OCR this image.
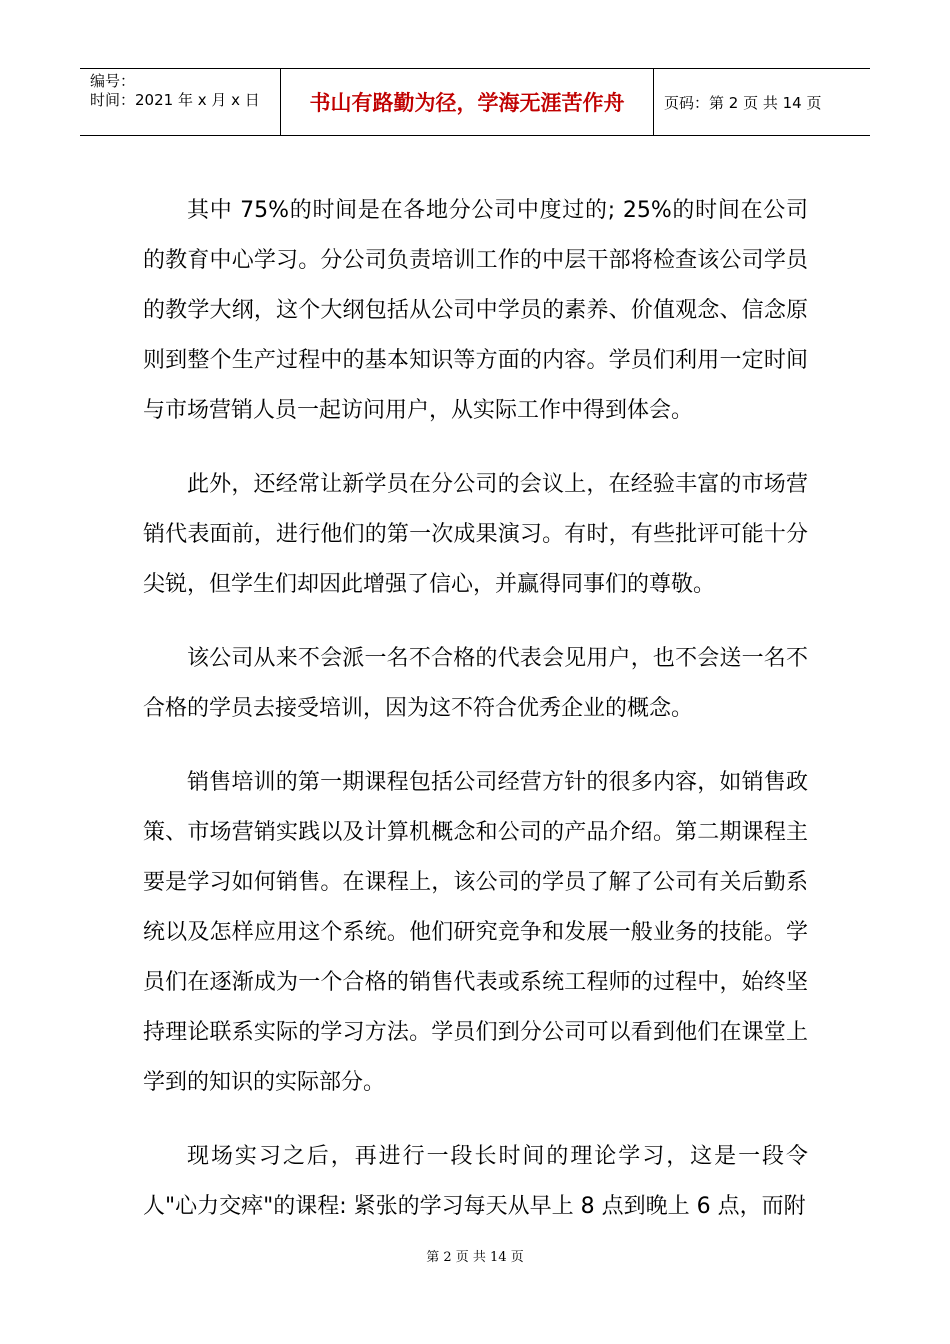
编号：
时间：2021 年 x 月 x 日	书山有路勤为径，学海无涯苦作舟	页码：第 2 页 共 14 页

其中 75%的时间是在各地分公司中度过的; 25%的时间在公司的教育中心学习。分公司负责培训工作的中层干部将检查该公司学员的教学大纲，这个大纲包括从公司中学员的素养、价值观念、信念原则到整个生产过程中的基本知识等方面的内容。学员们利用一定时间与市场营销人员一起访问用户，从实际工作中得到体会。

此外，还经常让新学员在分公司的会议上，在经验丰富的市场营销代表面前，进行他们的第一次成果演习。有时，有些批评可能十分尖锐，但学生们却因此增强了信心，并赢得同事们的尊敬。

该公司从来不会派一名不合格的代表会见用户，也不会送一名不合格的学员去接受培训，因为这不符合优秀企业的概念。

销售培训的第一期课程包括公司经营方针的很多内容，如销售政策、市场营销实践以及计算机概念和公司的产品介绍。第二期课程主要是学习如何销售。在课程上，该公司的学员了解了公司有关后勤系统以及怎样应用这个系统。他们研究竞争和发展一般业务的技能。学员们在逐渐成为一个合格的销售代表或系统工程师的过程中，始终坚持理论联系实际的学习方法。学员们到分公司可以看到他们在课堂上学到的知识的实际部分。

现场实习之后，再进行一段长时间的理论学习，这是一段令人"心力交瘁"的课程: 紧张的学习每天从早上 8 点到晚上 6 点，而附

第 2 页 共 14 页
